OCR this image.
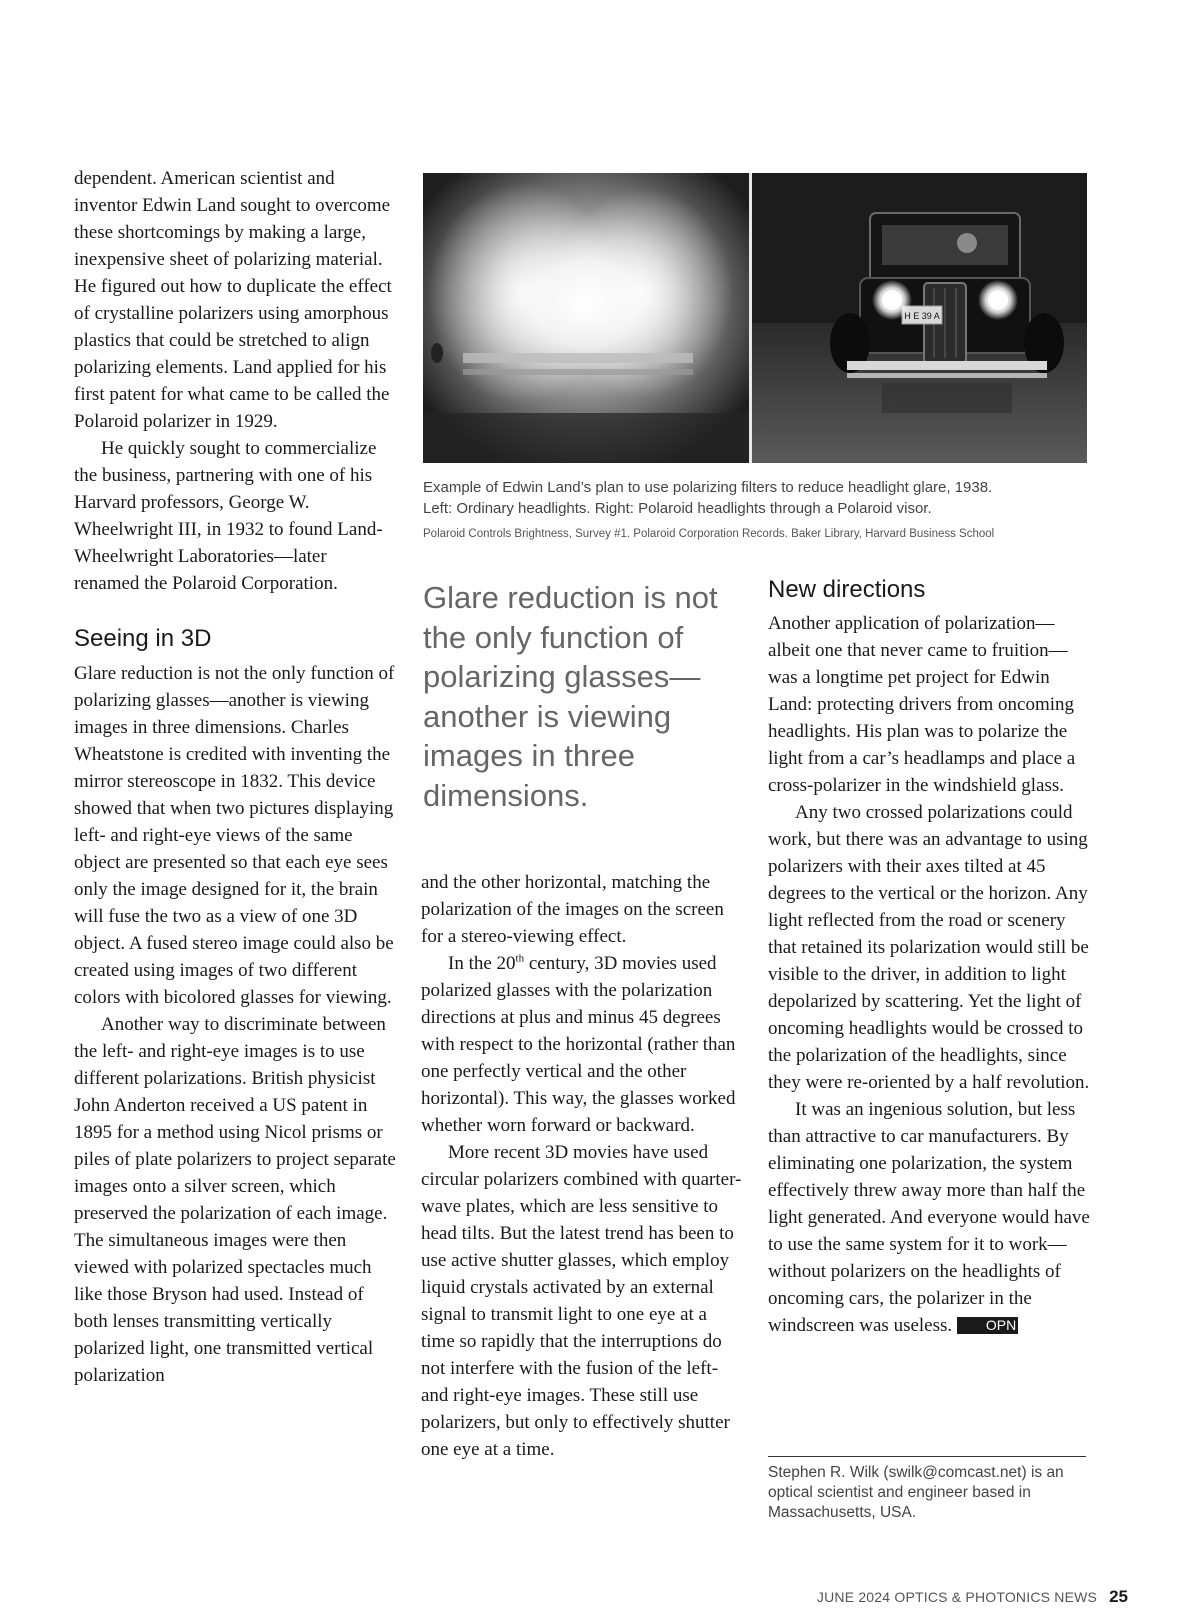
dependent. American scientist and inventor Edwin Land sought to overcome these shortcomings by making a large, inexpensive sheet of polarizing material. He figured out how to duplicate the effect of crystalline polarizers using amorphous plastics that could be stretched to align polarizing elements. Land applied for his first patent for what came to be called the Polaroid polarizer in 1929.

He quickly sought to commercialize the business, partnering with one of his Harvard professors, George W. Wheelwright III, in 1932 to found Land-Wheelwright Laboratories—later renamed the Polaroid Corporation.

Seeing in 3D

Glare reduction is not the only function of polarizing glasses—another is viewing images in three dimensions. Charles Wheatstone is credited with inventing the mirror stereoscope in 1832. This device showed that when two pictures displaying left- and right-eye views of the same object are presented so that each eye sees only the image designed for it, the brain will fuse the two as a view of one 3D object. A fused stereo image could also be created using images of two different colors with bicolored glasses for viewing.

Another way to discriminate between the left- and right-eye images is to use different polarizations. British physicist John Anderton received a US patent in 1895 for a method using Nicol prisms or piles of plate polarizers to project separate images onto a silver screen, which preserved the polarization of each image. The simultaneous images were then viewed with polarized spectacles much like those Bryson had used. Instead of both lenses transmitting vertically polarized light, one transmitted vertical polarization

H E 39 A
Example of Edwin Land’s plan to use polarizing filters to reduce headlight glare, 1938.
Left: Ordinary headlights. Right: Polaroid headlights through a Polaroid visor.
Polaroid Controls Brightness, Survey #1. Polaroid Corporation Records. Baker Library, Harvard Business School
Glare reduction is not the only function of polarizing glasses—another is viewing images in three dimensions.

and the other horizontal, matching the polarization of the images on the screen for a stereo-viewing effect.

In the 20th century, 3D movies used polarized glasses with the polarization directions at plus and minus 45 degrees with respect to the horizontal (rather than one perfectly vertical and the other horizontal). This way, the glasses worked whether worn forward or backward.

More recent 3D movies have used circular polarizers combined with quarter-wave plates, which are less sensitive to head tilts. But the latest trend has been to use active shutter glasses, which employ liquid crystals activated by an external signal to transmit light to one eye at a time so rapidly that the interruptions do not interfere with the fusion of the left- and right-eye images. These still use polarizers, but only to effectively shutter one eye at a time.

New directions

Another application of polarization—albeit one that never came to fruition—was a longtime pet project for Edwin Land: protecting drivers from oncoming headlights. His plan was to polarize the light from a car’s headlamps and place a cross-polarizer in the windshield glass.

Any two crossed polarizations could work, but there was an advantage to using polarizers with their axes tilted at 45 degrees to the vertical or the horizon. Any light reflected from the road or scenery that retained its polarization would still be visible to the driver, in addition to light depolarized by scattering. Yet the light of oncoming headlights would be crossed to the polarization of the headlights, since they were re-oriented by a half revolution.

It was an ingenious solution, but less than attractive to car manufacturers. By eliminating one polarization, the system effectively threw away more than half the light generated. And everyone would have to use the same system for it to work—without polarizers on the headlights of oncoming cars, the polarizer in the windscreen was useless. OPN

Stephen R. Wilk (swilk@comcast.net) is an optical scientist and engineer based in Massachusetts, USA.
JUNE 2024 OPTICS & PHOTONICS NEWS 25
